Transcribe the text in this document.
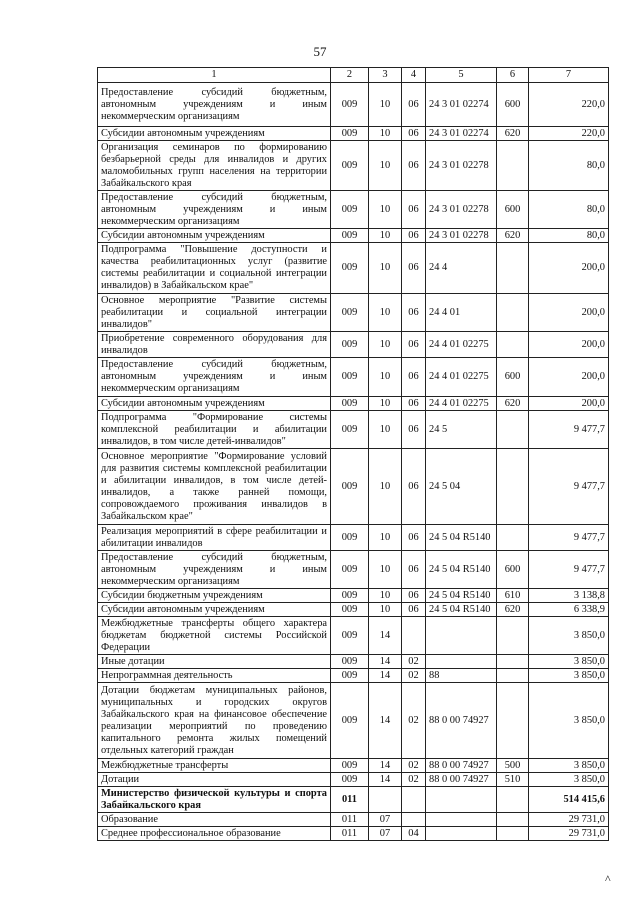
57
1	2	3	4	5	6	7
Предоставление субсидий бюджетным, автономным учреждениям и иным некоммерческим организациям	009	10	06	24 3 01 02274	600	220,0
Субсидии автономным учреждениям	009	10	06	24 3 01 02274	620	220,0
Организация семинаров по формированию безбарьерной среды для инвалидов и других маломобильных групп населения на территории Забайкальского края	009	10	06	24 3 01 02278		80,0
Предоставление субсидий бюджетным, автономным учреждениям и иным некоммерческим организациям	009	10	06	24 3 01 02278	600	80,0
Субсидии автономным учреждениям	009	10	06	24 3 01 02278	620	80,0
Подпрограмма "Повышение доступности и качества реабилитационных услуг (развитие системы реабилитации и социальной интеграции инвалидов) в Забайкальском крае"	009	10	06	24 4		200,0
Основное мероприятие "Развитие системы реабилитации и социальной интеграции инвалидов"	009	10	06	24 4 01		200,0
Приобретение современного оборудования для инвалидов	009	10	06	24 4 01 02275		200,0
Предоставление субсидий бюджетным, автономным учреждениям и иным некоммерческим организациям	009	10	06	24 4 01 02275	600	200,0
Субсидии автономным учреждениям	009	10	06	24 4 01 02275	620	200,0
Подпрограмма "Формирование системы комплексной реабилитации и абилитации инвалидов, в том числе детей-инвалидов"	009	10	06	24 5		9 477,7
Основное мероприятие "Формирование условий для развития системы комплексной реабилитации и абилитации инвалидов, в том числе детей-инвалидов, а также ранней помощи, сопровождаемого проживания инвалидов в Забайкальском крае"	009	10	06	24 5 04		9 477,7
Реализация мероприятий в сфере реабилитации и абилитации инвалидов	009	10	06	24 5 04 R5140		9 477,7
Предоставление субсидий бюджетным, автономным учреждениям и иным некоммерческим организациям	009	10	06	24 5 04 R5140	600	9 477,7
Субсидии бюджетным учреждениям	009	10	06	24 5 04 R5140	610	3 138,8
Субсидии автономным учреждениям	009	10	06	24 5 04 R5140	620	6 338,9
Межбюджетные трансферты общего характера бюджетам бюджетной системы Российской Федерации	009	14				3 850,0
Иные дотации	009	14	02			3 850,0
Непрограммная деятельность	009	14	02	88		3 850,0
Дотации бюджетам муниципальных районов, муниципальных и городских округов Забайкальского края на финансовое обеспечение реализации мероприятий по проведению капитального ремонта жилых помещений отдельных категорий граждан	009	14	02	88 0 00 74927		3 850,0
Межбюджетные трансферты	009	14	02	88 0 00 74927	500	3 850,0
Дотации	009	14	02	88 0 00 74927	510	3 850,0
Министерство физической культуры и спорта Забайкальского края	011					514 415,6
Образование	011	07				29 731,0
Среднее профессиональное образование	011	07	04			29 731,0
^
